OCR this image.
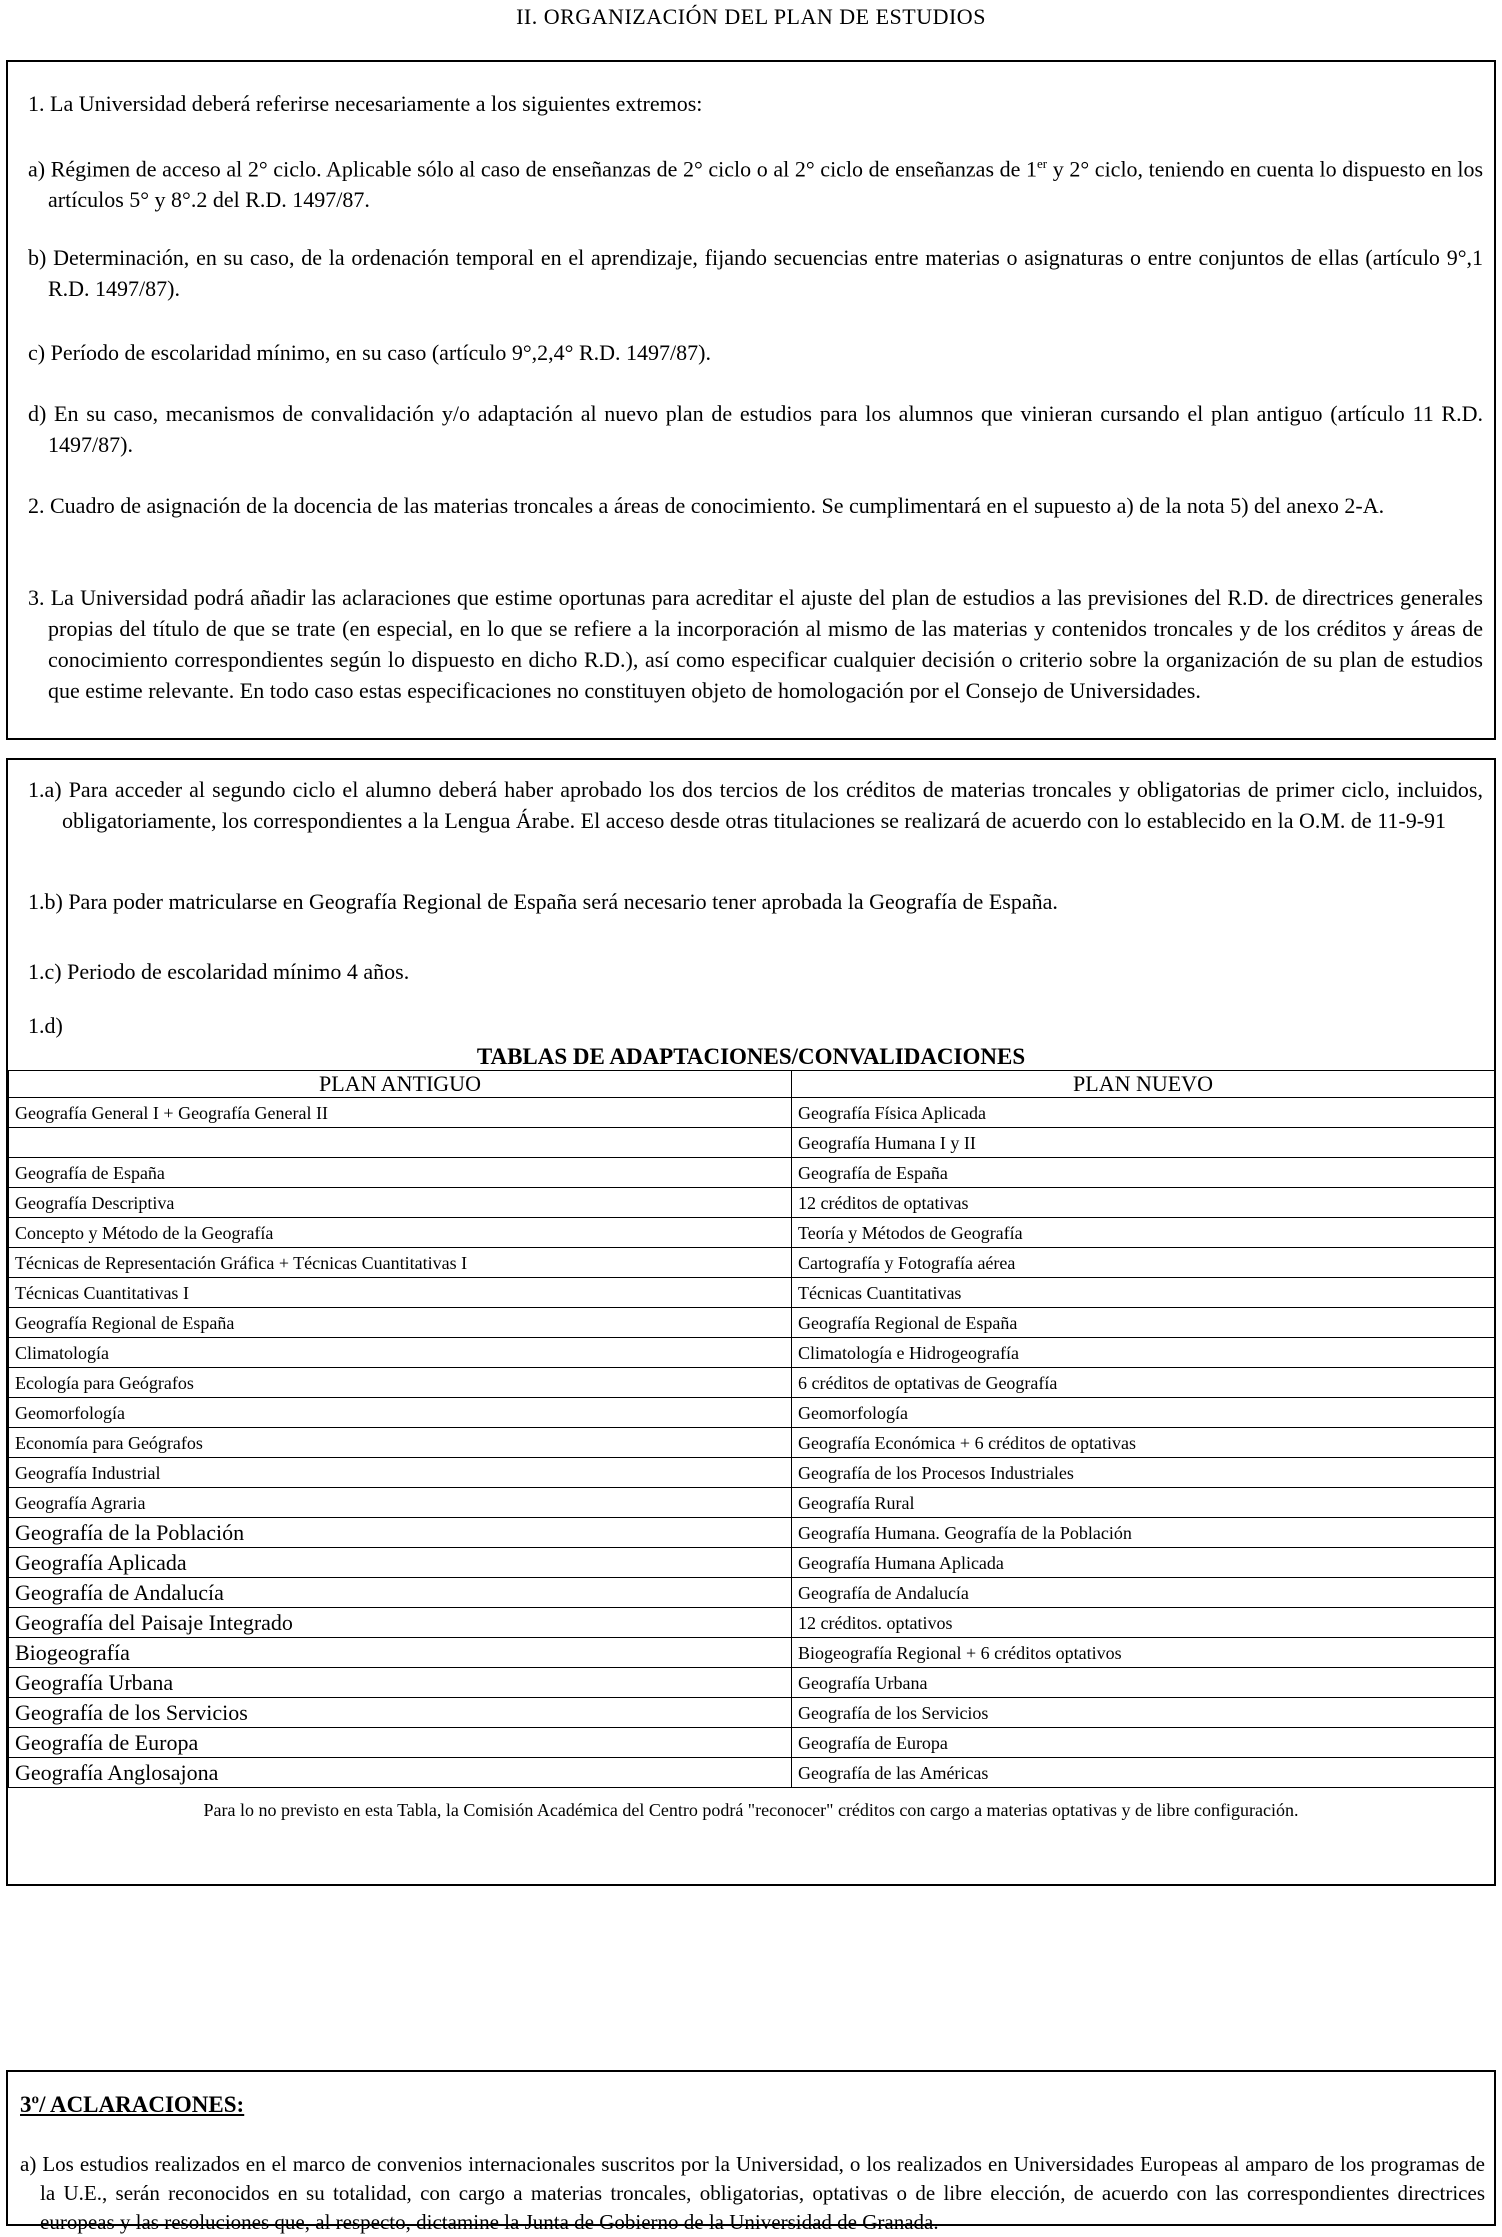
II. ORGANIZACIÓN DEL PLAN DE ESTUDIOS
1. La Universidad deberá referirse necesariamente a los siguientes extremos:
a) Régimen de acceso al 2° ciclo. Aplicable sólo al caso de enseñanzas de 2° ciclo o al 2° ciclo de enseñanzas de 1er y 2° ciclo, teniendo en cuenta lo dispuesto en los artículos 5° y 8°.2 del R.D. 1497/87.
b) Determinación, en su caso, de la ordenación temporal en el aprendizaje, fijando secuencias entre materias o asignaturas o entre conjuntos de ellas (artículo 9°,1 R.D. 1497/87).
c) Período de escolaridad mínimo, en su caso (artículo 9°,2,4° R.D. 1497/87).
d) En su caso, mecanismos de convalidación y/o adaptación al nuevo plan de estudios para los alumnos que vinieran cursando el plan antiguo (artículo 11 R.D. 1497/87).
2. Cuadro de asignación de la docencia de las materias troncales a áreas de conocimiento. Se cumplimentará en el supuesto a) de la nota 5) del anexo 2-A.
3. La Universidad podrá añadir las aclaraciones que estime oportunas para acreditar el ajuste del plan de estudios a las previsiones del R.D. de directrices generales propias del título de que se trate (en especial, en lo que se refiere a la incorporación al mismo de las materias y contenidos troncales y de los créditos y áreas de conocimiento correspondientes según lo dispuesto en dicho R.D.), así como especificar cualquier decisión o criterio sobre la organización de su plan de estudios que estime relevante. En todo caso estas especificaciones no constituyen objeto de homologación por el Consejo de Universidades.
1.a) Para acceder al segundo ciclo el alumno deberá haber aprobado los dos tercios de los créditos de materias troncales y obligatorias de primer ciclo, incluidos, obligatoriamente, los correspondientes a la Lengua Árabe. El acceso desde otras titulaciones se realizará de acuerdo con lo establecido en la O.M. de 11-9-91
1.b) Para poder matricularse en Geografía Regional de España será necesario tener aprobada la Geografía de España.
1.c) Periodo de escolaridad mínimo 4 años.
1.d)
TABLAS DE ADAPTACIONES/CONVALIDACIONES
PLAN ANTIGUO	PLAN NUEVO
Geografía General I + Geografía General II	Geografía Física Aplicada
	Geografía Humana I y II
Geografía de España	Geografía de España
Geografía Descriptiva	12 créditos de optativas
Concepto y Método de la Geografía	Teoría y Métodos de Geografía
Técnicas de Representación Gráfica + Técnicas Cuantitativas I	Cartografía y Fotografía aérea
Técnicas Cuantitativas I	Técnicas Cuantitativas
Geografía Regional de España	Geografía Regional de España
Climatología	Climatología e Hidrogeografía
Ecología para Geógrafos	6 créditos de optativas de Geografía
Geomorfología	Geomorfología
Economía para Geógrafos	Geografía Económica + 6 créditos de optativas
Geografía Industrial	Geografía de los Procesos Industriales
Geografía Agraria	Geografía Rural
Geografía de la Población	Geografía Humana. Geografía de la Población
Geografía Aplicada	Geografía Humana Aplicada
Geografía de Andalucía	Geografía de Andalucía
Geografía del Paisaje Integrado	12 créditos. optativos
Biogeografía	Biogeografía Regional + 6 créditos optativos
Geografía Urbana	Geografía Urbana
Geografía de los Servicios	Geografía de los Servicios
Geografía de Europa	Geografía de Europa
Geografía Anglosajona	Geografía de las Américas
Para lo no previsto en esta Tabla, la Comisión Académica del Centro podrá "reconocer" créditos con cargo a materias optativas y de libre configuración.
3º/ ACLARACIONES:
a) Los estudios realizados en el marco de convenios internacionales suscritos por la Universidad, o los realizados en Universidades Europeas al amparo de los programas de la U.E., serán reconocidos en su totalidad, con cargo a materias troncales, obligatorias, optativas o de libre elección, de acuerdo con las correspondientes directrices europeas y las resoluciones que, al respecto, dictamine la Junta de Gobierno de la Universidad de Granada.
